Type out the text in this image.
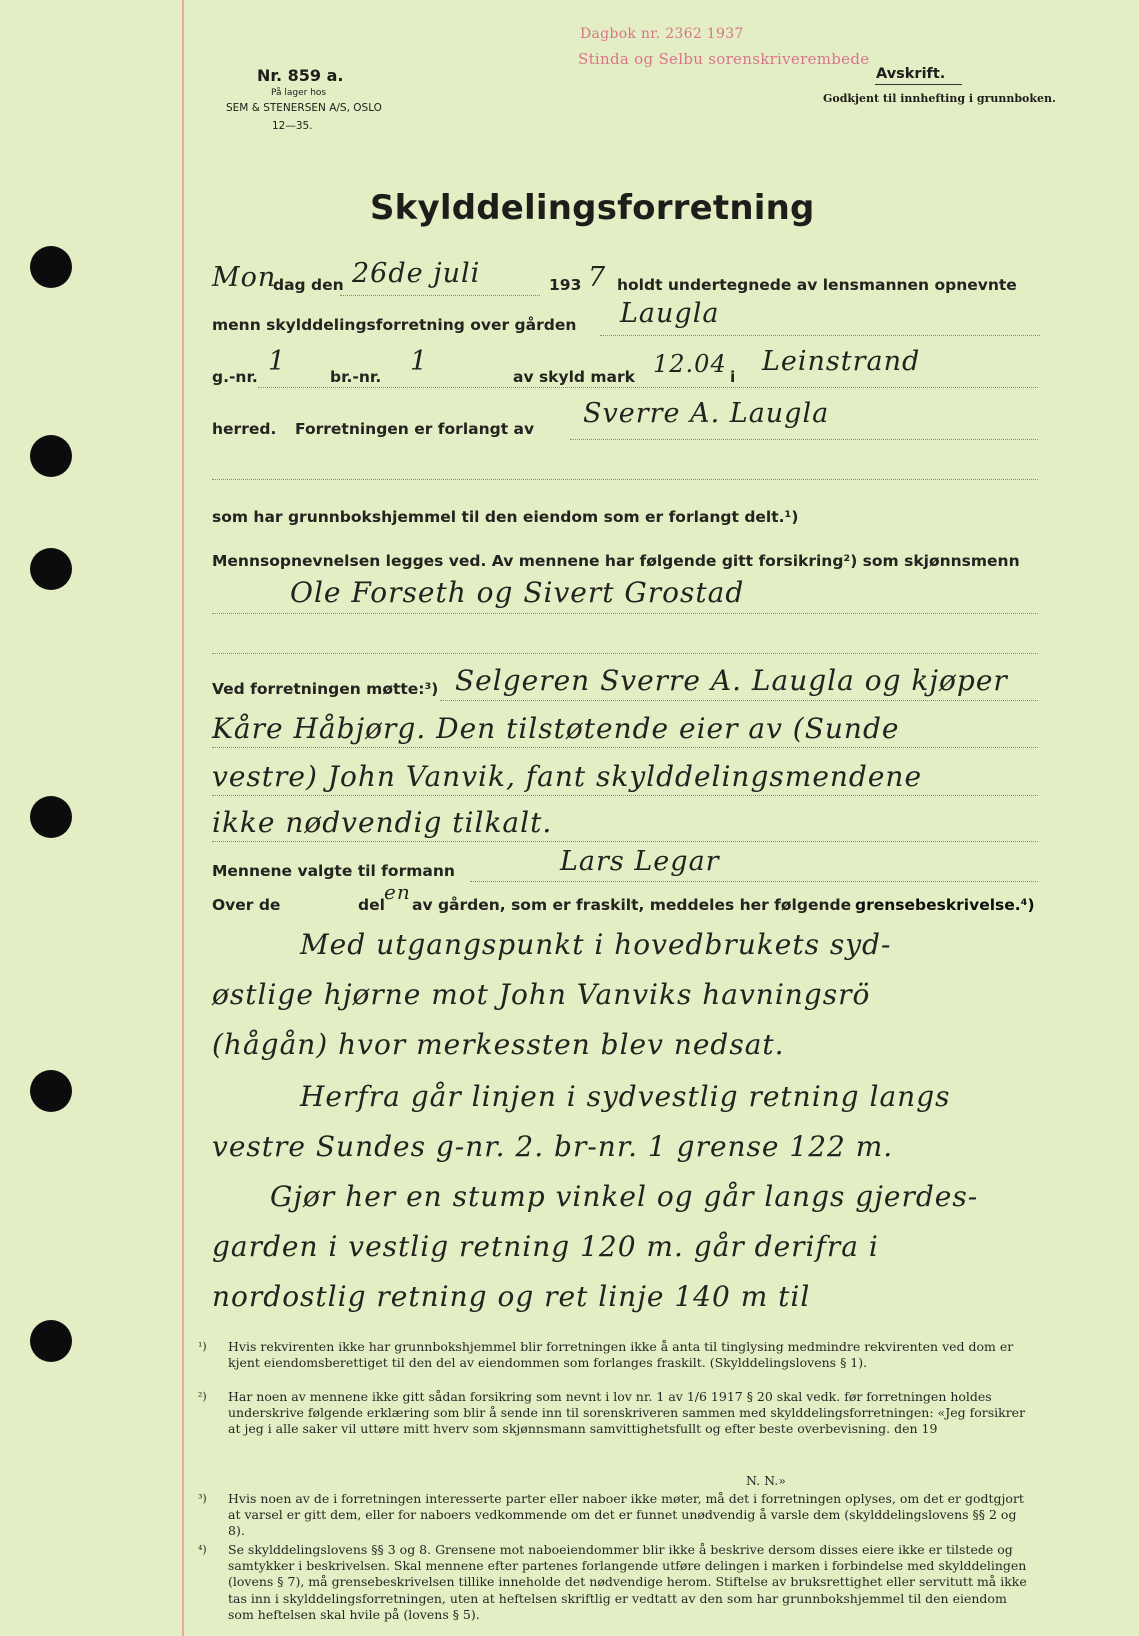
Nr. 859 a.
På lager hos
SEM & STENERSEN A/S, OSLO
12—35.
Dagbok nr. 2362 1937
Stinda og Selbu sorenskriverembede
Avskrift.
Godkjent til innhefting i grunnboken.
Skylddelingsforretning
Mon
dag den 26de juli	193 7 holdt undertegnede av lensmannen opnevnte
menn skylddelingsforretning over gården Laugla
g.-nr. 1	br.-nr. 1	av skyld mark 12.04 i Leinstrand
herred. Forretningen er forlangt av Sverre A. Laugla
som har grunnbokshjemmel til den eiendom som er forlangt delt.¹)
Mennsopnevnelsen legges ved. Av mennene har følgende gitt forsikring²) som skjønnsmenn
Ole Forseth og Sivert Grostad
Ved forretningen møtte:³) Selgeren Sverre A. Laugla og kjøper
Kåre Håbjørg. Den tilstøtende eier av (Sunde
vestre) John Vanvik, fant skylddelingsmendene
ikke nødvendig tilkalt.
Mennene valgte til formann	Lars Legar
Over de	del
en
av gården, som er fraskilt, meddeles her følgende grensebeskrivelse.⁴)
Med utgangspunkt i hovedbrukets syd-
østlige hjørne mot John Vanviks havningsrö
(hågån) hvor merkessten blev nedsat.
Herfra går linjen i sydvestlig retning langs
vestre Sundes g-nr. 2. br-nr. 1 grense 122 m.
Gjør her en stump vinkel og går langs gjerdes-
garden i vestlig retning 120 m. går derifra i
nordostlig retning og ret linje 140 m til
¹) Hvis rekvirenten ikke har grunnbokshjemmel blir forretningen ikke å anta til tinglysing medmindre rekvirenten ved dom er kjent eiendomsberettiget til den del av eiendommen som forlanges fraskilt. (Skylddelingslovens § 1).

²) Har noen av mennene ikke gitt sådan forsikring som nevnt i lov nr. 1 av 1/6 1917 § 20 skal vedk. før forretningen holdes underskrive følgende erklæring som blir å sende inn til sorenskriveren sammen med skylddelingsforretningen: «Jeg forsikrer at jeg i alle saker vil uttøre mitt hverv som skjønnsmann samvittighetsfullt og efter beste overbevisning. den 19

N. N.»

³) Hvis noen av de i forretningen interesserte parter eller naboer ikke møter, må det i forretningen oplyses, om det er godtgjort at varsel er gitt dem, eller for naboers vedkommende om det er funnet unødvendig å varsle dem (skylddelingslovens §§ 2 og 8).

⁴) Se skylddelingslovens §§ 3 og 8. Grensene mot naboeiendommer blir ikke å beskrive dersom disses eiere ikke er tilstede og samtykker i beskrivelsen. Skal mennene efter partenes forlangende utføre delingen i marken i forbindelse med skylddelingen (lovens § 7), må grensebeskrivelsen tillike inneholde det nødvendige herom. Stiftelse av bruksrettighet eller servitutt må ikke tas inn i skylddelingsforretningen, uten at heftelsen skriftlig er vedtatt av den som har grunnbokshjemmel til den eiendom som heftelsen skal hvile på (lovens § 5).
